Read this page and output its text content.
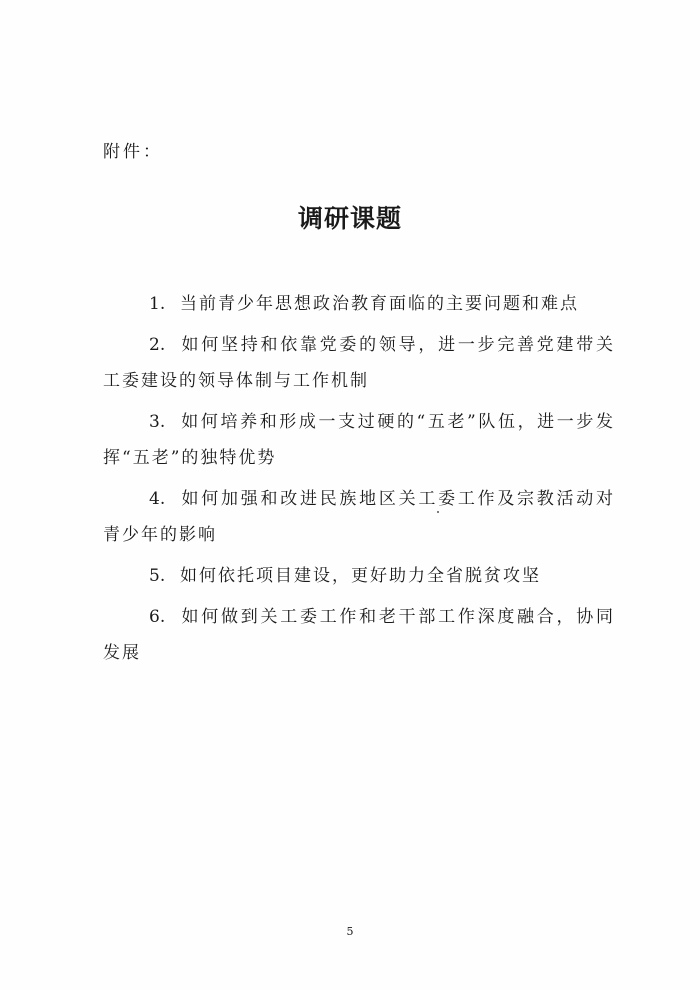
附件：
调研课题
1. 当前青少年思想政治教育面临的主要问题和难点
2. 如何坚持和依靠党委的领导，进一步完善党建带关工委建设的领导体制与工作机制
3. 如何培养和形成一支过硬的“五老”队伍，进一步发挥“五老”的独特优势
4. 如何加强和改进民族地区关工委工作及宗教活动对青少年的影响
5. 如何依托项目建设，更好助力全省脱贫攻坚
6. 如何做到关工委工作和老干部工作深度融合，协同发展
5
